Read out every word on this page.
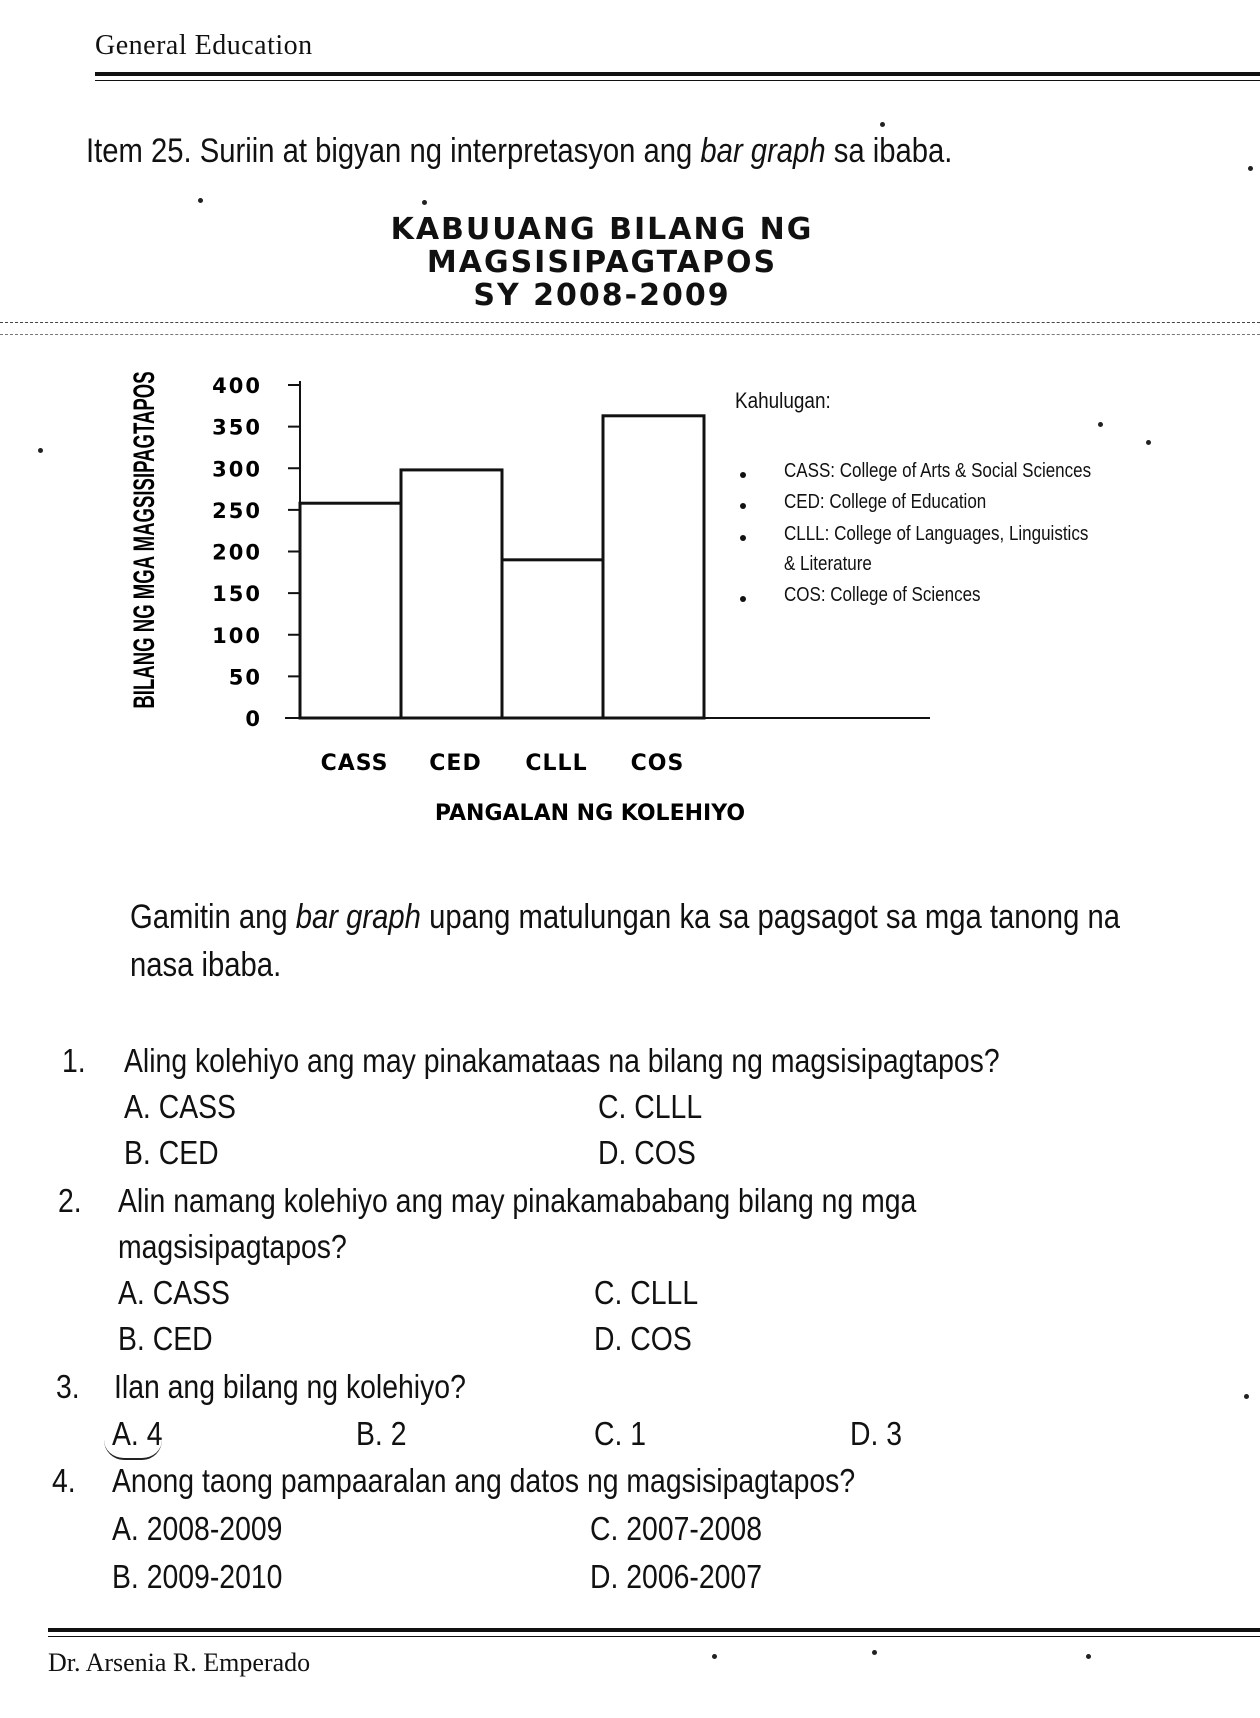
General Education
Item 25. Suriin at bigyan ng interpretasyon ang bar graph sa ibaba.
KABUUANG BILANG NG
MAGSISIPAGTAPOS
SY 2008-2009
BILANG NG MGA MAGSISIPAGTAPOS
0
50
100
150
200
250
300
350
400
CASS CED CLLL COS
PANGALAN NG KOLEHIYO
Kahulugan:
CASS: College of Arts & Social Sciences
CED: College of Education
CLLL: College of Languages, Linguistics
& Literature
COS: College of Sciences
Gamitin ang bar graph upang matulungan ka sa pagsagot sa mga tanong na
nasa ibaba.
1. Aling kolehiyo ang may pinakamataas na bilang ng magsisipagtapos?
A. CASS	C. CLLL
B. CED	D. COS
2. Alin namang kolehiyo ang may pinakamababang bilang ng mga
magsisipagtapos?
A. CASS	C. CLLL
B. CED	D. COS
3. Ilan ang bilang ng kolehiyo?
A. 4	B. 2	C. 1	D. 3
4. Anong taong pampaaralan ang datos ng magsisipagtapos?
A. 2008-2009	C. 2007-2008
B. 2009-2010	D. 2006-2007
Dr. Arsenia R. Emperado
